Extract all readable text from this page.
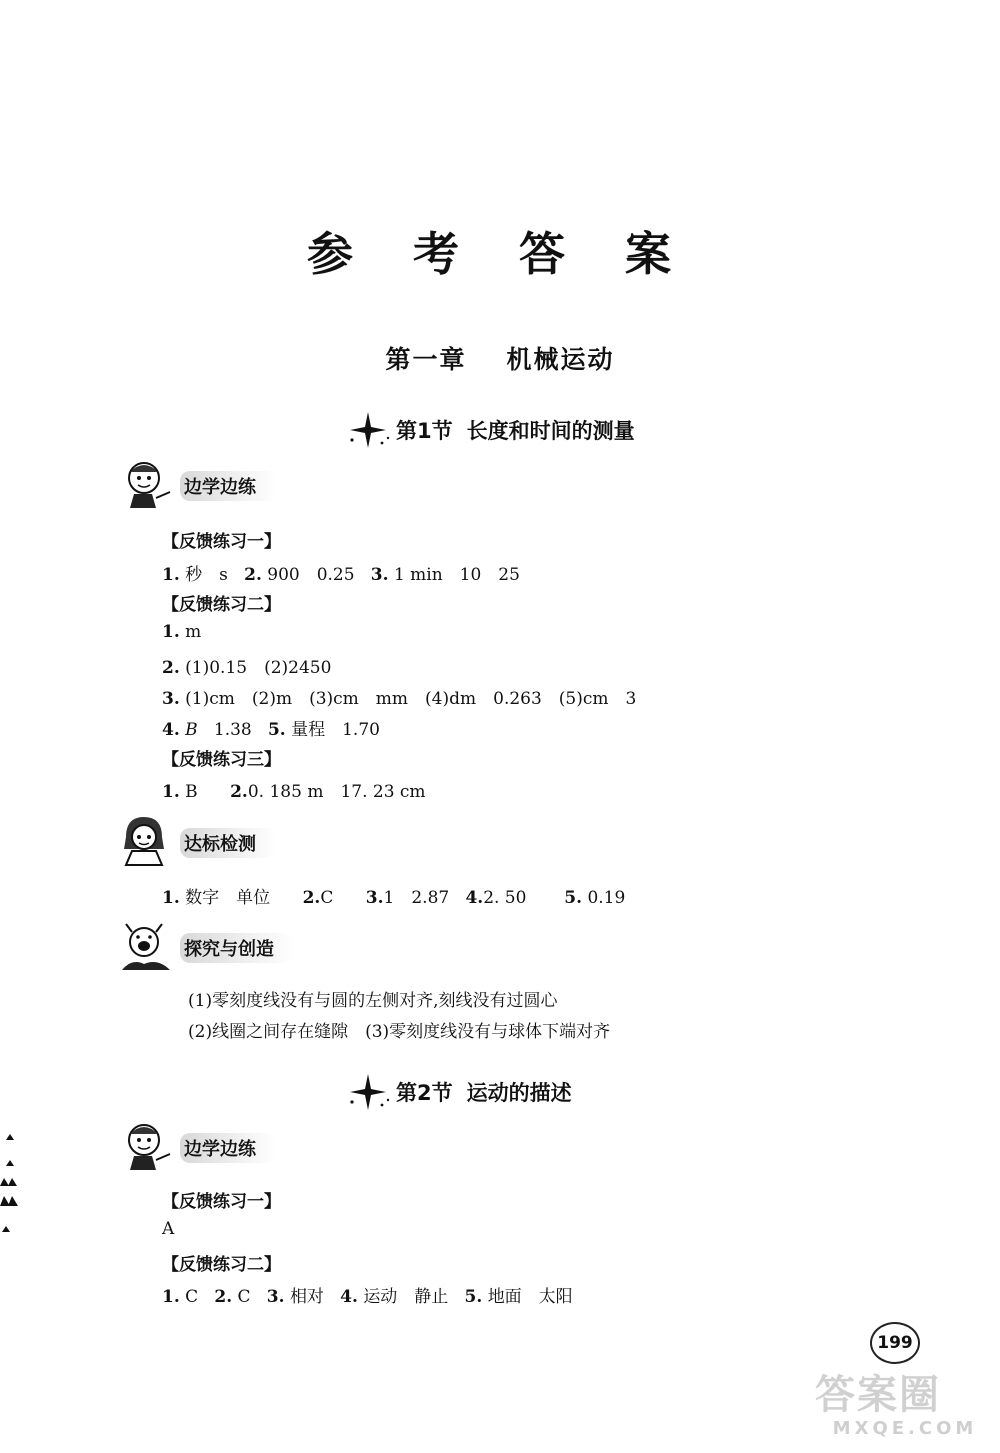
参 考 答 案
第一章 机械运动
第1节 长度和时间的测量
边学边练
【反馈练习一】
1. 秒　s 2. 900　0.25 3. 1 min　10　25
【反馈练习二】
1. m
2. (1)0.15　(2)2450
3. (1)cm　(2)m　(3)cm　mm　(4)dm　0.263　(5)cm　3
4. B 1.38 5. 量程　1.70
【反馈练习三】
1. B 2.0. 185 m　17. 23 cm
达标检测
1. 数字　单位 2.C 3.1　2.87 4.2. 50 5. 0.19
探究与创造
(1)零刻度线没有与圆的左侧对齐,刻线没有过圆心
(2)线圈之间存在缝隙　(3)零刻度线没有与球体下端对齐
第2节 运动的描述
边学边练
【反馈练习一】
A
【反馈练习二】
1. C 2. C 3. 相对 4. 运动　静止 5. 地面　太阳
199
答案圈
MXQE.COM
